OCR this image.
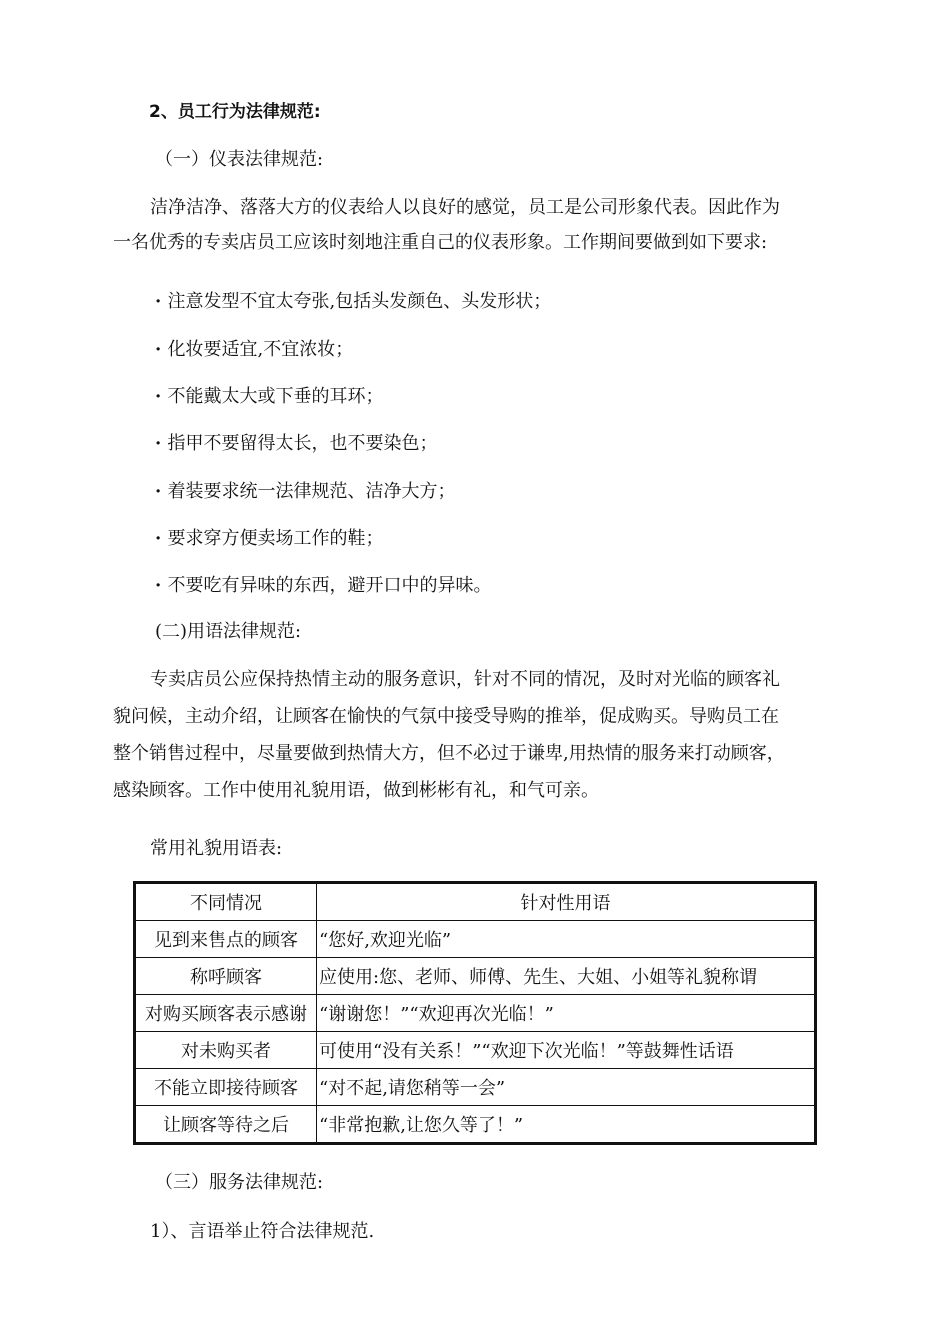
2、员工行为法律规范:
（一）仪表法律规范:
洁净洁净、落落大方的仪表给人以良好的感觉，员工是公司形象代表。因此作为
一名优秀的专卖店员工应该时刻地注重自己的仪表形象。工作期间要做到如下要求:
· 注意发型不宜太夸张,包括头发颜色、头发形状；
· 化妆要适宜,不宜浓妆；
· 不能戴太大或下垂的耳环；
· 指甲不要留得太长，也不要染色；
· 着装要求统一法律规范、洁净大方；
· 要求穿方便卖场工作的鞋；
· 不要吃有异味的东西，避开口中的异味。
(二)用语法律规范:
专卖店员公应保持热情主动的服务意识，针对不同的情况，及时对光临的顾客礼
貌问候，主动介绍，让顾客在愉快的气氛中接受导购的推举，促成购买。导购员工在
整个销售过程中，尽量要做到热情大方，但不必过于谦卑,用热情的服务来打动顾客，
感染顾客。工作中使用礼貌用语，做到彬彬有礼，和气可亲。
常用礼貌用语表:
不同情况	针对性用语
见到来售点的顾客	“您好,欢迎光临”
称呼顾客	应使用:您、老师、师傅、先生、大姐、小姐等礼貌称谓
对购买顾客表示感谢	“谢谢您！”“欢迎再次光临！”
对未购买者	可使用“没有关系！”“欢迎下次光临！”等鼓舞性话语
不能立即接待顾客	“对不起,请您稍等一会”
让顾客等待之后	“非常抱歉,让您久等了！”
（三）服务法律规范:
1）、言语举止符合法律规范.
